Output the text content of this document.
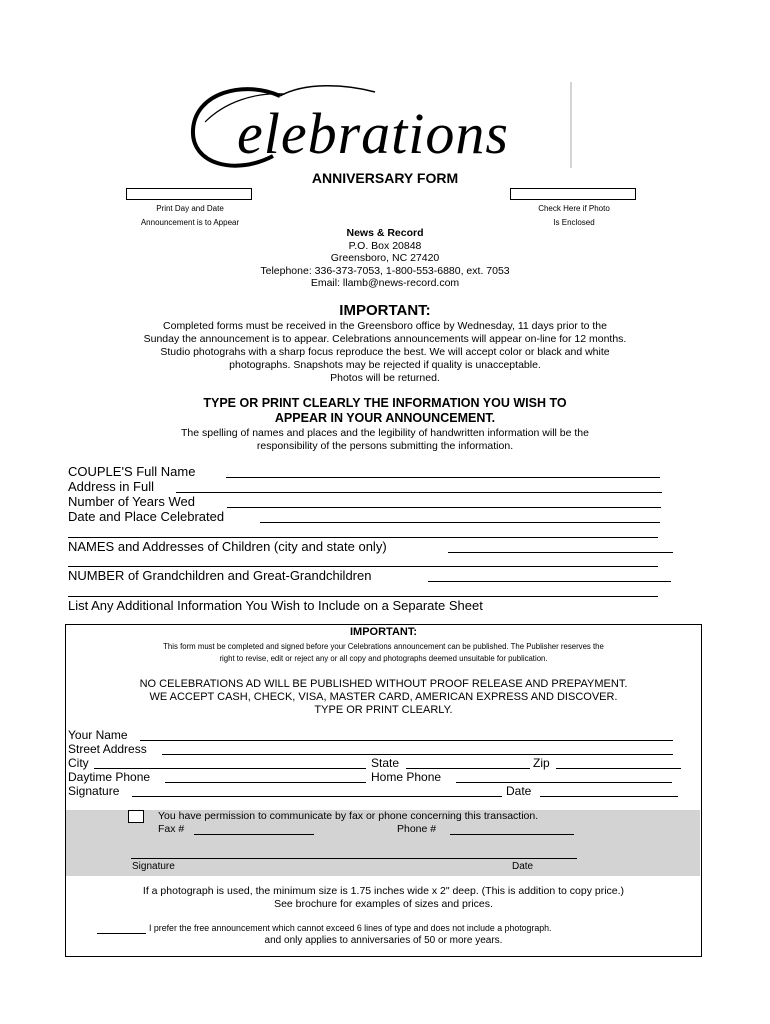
elebrations
ANNIVERSARY FORM
Print Day and Date
Announcement is to Appear
Check Here if Photo
Is Enclosed
News & Record
P.O. Box 20848
Greensboro, NC 27420
Telephone: 336-373-7053, 1-800-553-6880, ext. 7053
Email: llamb@news-record.com
IMPORTANT:
Completed forms must be received in the Greensboro office by Wednesday, 11 days prior to the
Sunday the announcement is to appear. Celebrations announcements will appear on-line for 12 months.
Studio photograhs with a sharp focus reproduce the best. We will accept color or black and white
photographs. Snapshots may be rejected if quality is unacceptable.
Photos will be returned.
TYPE OR PRINT CLEARLY THE INFORMATION YOU WISH TO
APPEAR IN YOUR ANNOUNCEMENT.
The spelling of names and places and the legibility of handwritten information will be the
responsibility of the persons submitting the information.
COUPLE'S Full Name
Address in Full
Number of Years Wed
Date and Place Celebrated
NAMES and Addresses of Children (city and state only)
NUMBER of Grandchildren and Great-Grandchildren
List Any Additional Information You Wish to Include on a Separate Sheet
IMPORTANT:
This form must be completed and signed before your Celebrations announcement can be published. The Publisher reserves the
right to revise, edit or reject any or all copy and photographs deemed unsuitable for publication.
NO CELEBRATIONS AD WILL BE PUBLISHED WITHOUT PROOF RELEASE AND PREPAYMENT.
WE ACCEPT CASH, CHECK, VISA, MASTER CARD, AMERICAN EXPRESS AND DISCOVER.
TYPE OR PRINT CLEARLY.
Your Name
Street Address
City	State	Zip
Daytime Phone	Home Phone
Signature	Date
You have permission to communicate by fax or phone concerning this transaction.
Fax #	Phone #
Signature	Date
If a photograph is used, the minimum size is 1.75 inches wide x 2" deep. (This is addition to copy price.)
See brochure for examples of sizes and prices.
I prefer the free announcement which cannot exceed 6 lines of type and does not include a photograph.
and only applies to anniversaries of 50 or more years.
